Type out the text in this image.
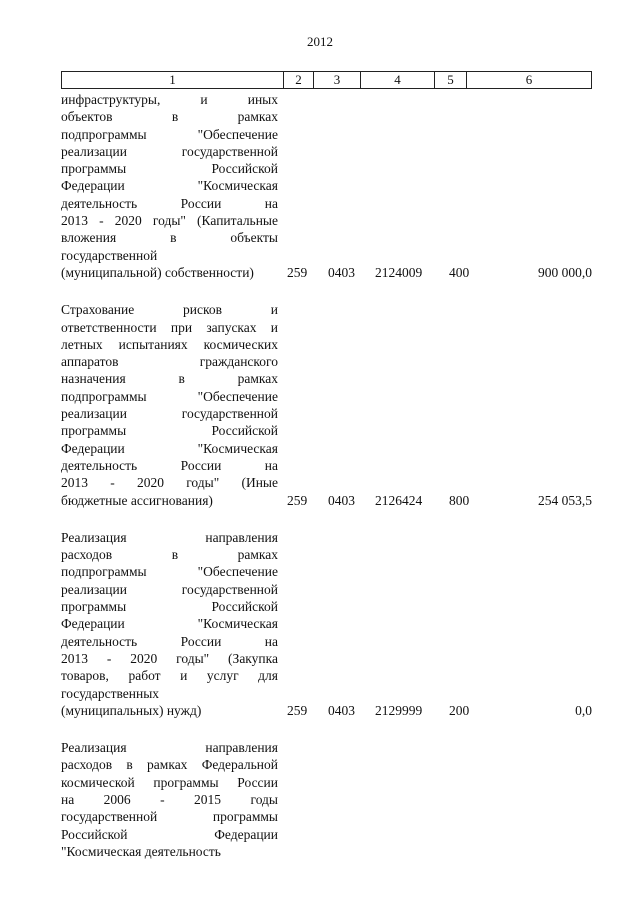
2012
1	2	3	4	5	6
инфраструктуры, и иных
объектов в рамках
подпрограммы "Обеспечение
реализации государственной
программы Российской
Федерации "Космическая
деятельность России на
2013 - 2020 годы" (Капитальные
вложения в объекты
государственной
(муниципальной) собственности)	259	0403	2124009	400	900 000,0
Страхование рисков и
ответственности при запусках и
летных испытаниях космических
аппаратов гражданского
назначения в рамках
подпрограммы "Обеспечение
реализации государственной
программы Российской
Федерации "Космическая
деятельность России на
2013 - 2020 годы" (Иные
бюджетные ассигнования)	259	0403	2126424	800	254 053,5
Реализация направления
расходов в рамках
подпрограммы "Обеспечение
реализации государственной
программы Российской
Федерации "Космическая
деятельность России на
2013 - 2020 годы" (Закупка
товаров, работ и услуг для
государственных
(муниципальных) нужд)	259	0403	2129999	200	0,0
Реализация направления
расходов в рамках Федеральной
космической программы России
на 2006 - 2015 годы
государственной программы
Российской Федерации
"Космическая деятельность
